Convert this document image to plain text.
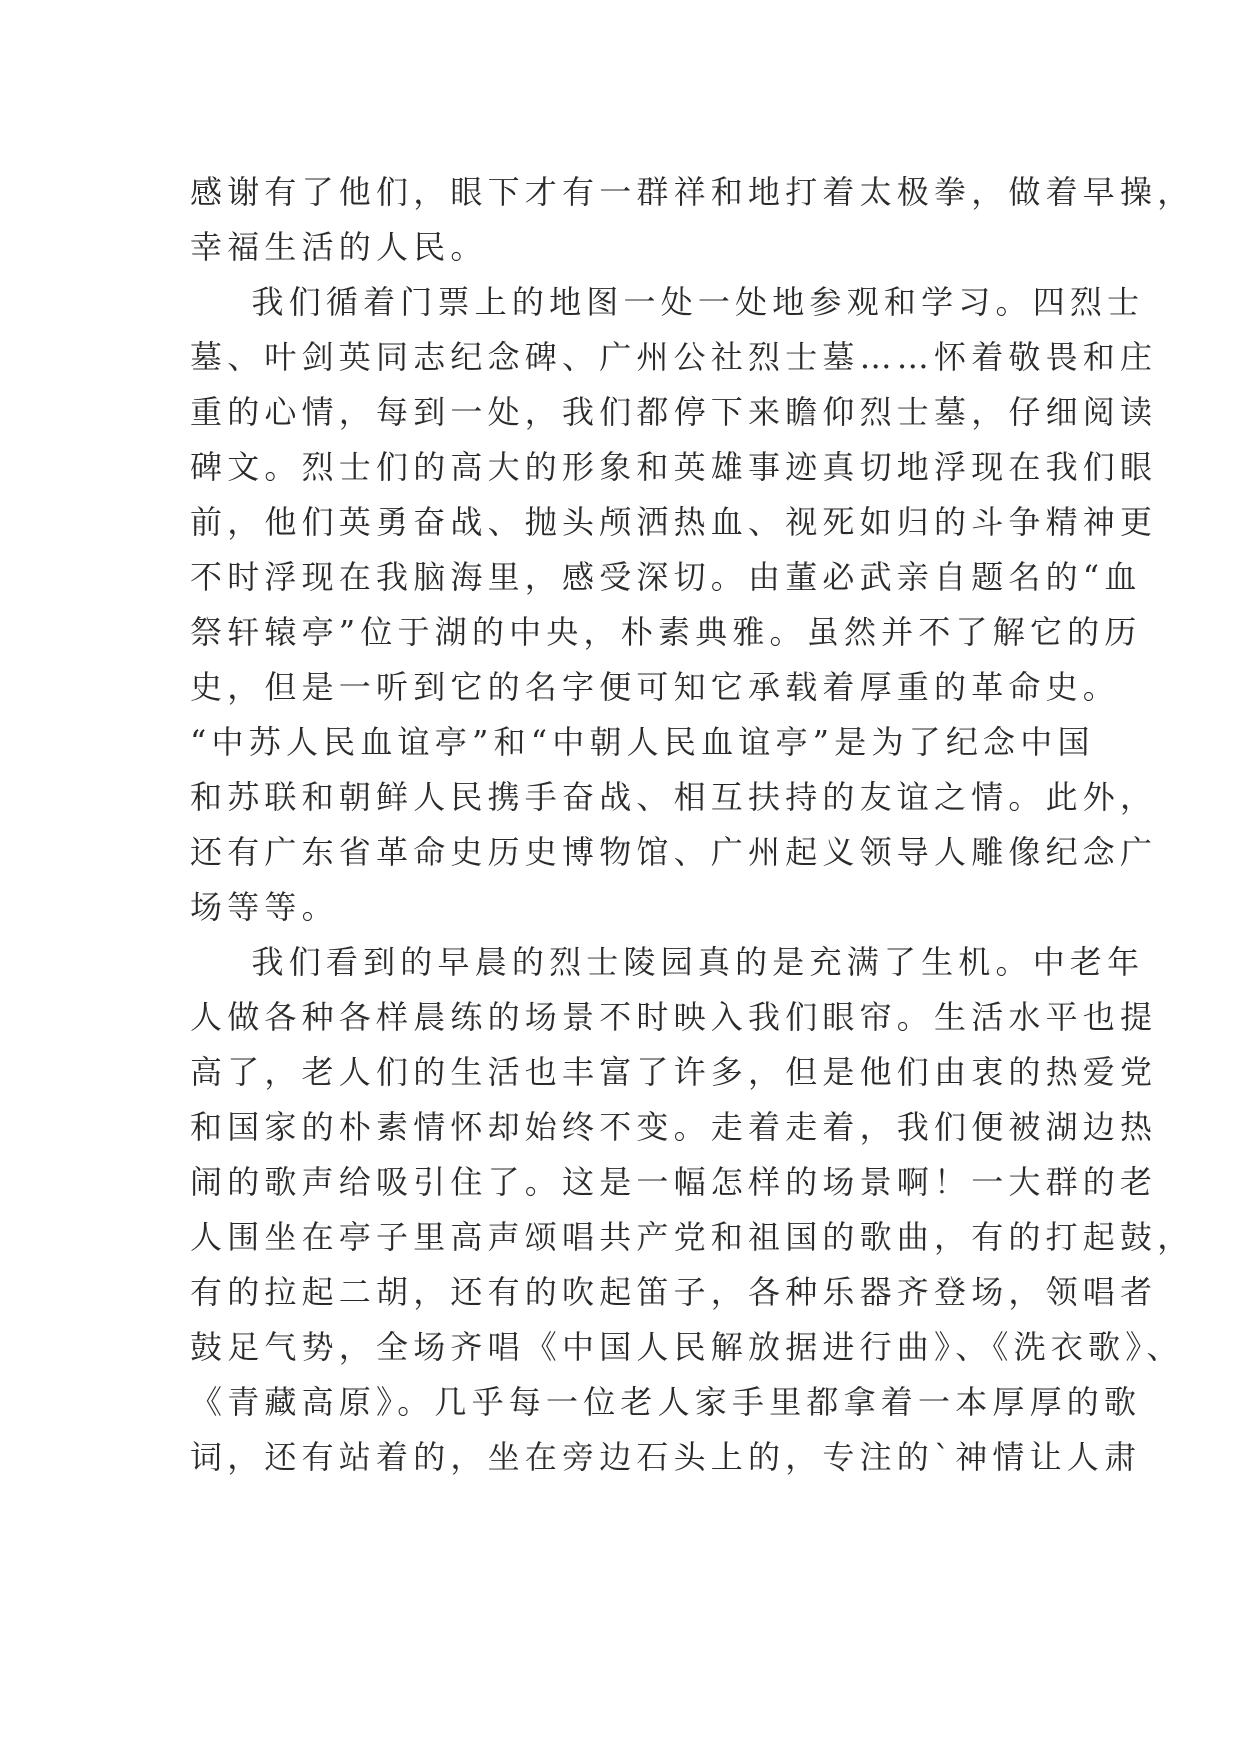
感谢有了他们，眼下才有一群祥和地打着太极拳，做着早操，
幸福生活的人民。
我们循着门票上的地图一处一处地参观和学习。四烈士
墓、叶剑英同志纪念碑、广州公社烈士墓……怀着敬畏和庄
重的心情，每到一处，我们都停下来瞻仰烈士墓，仔细阅读
碑文。烈士们的高大的形象和英雄事迹真切地浮现在我们眼
前，他们英勇奋战、抛头颅洒热血、视死如归的斗争精神更
不时浮现在我脑海里，感受深切。由董必武亲自题名的“血
祭轩辕亭”位于湖的中央，朴素典雅。虽然并不了解它的历
史，但是一听到它的名字便可知它承载着厚重的革命史。
“中苏人民血谊亭”和“中朝人民血谊亭”是为了纪念中国
和苏联和朝鲜人民携手奋战、相互扶持的友谊之情。此外，
还有广东省革命史历史博物馆、广州起义领导人雕像纪念广
场等等。
我们看到的早晨的烈士陵园真的是充满了生机。中老年
人做各种各样晨练的场景不时映入我们眼帘。生活水平也提
高了，老人们的生活也丰富了许多，但是他们由衷的热爱党
和国家的朴素情怀却始终不变。走着走着，我们便被湖边热
闹的歌声给吸引住了。这是一幅怎样的场景啊！一大群的老
人围坐在亭子里高声颂唱共产党和祖国的歌曲，有的打起鼓，
有的拉起二胡，还有的吹起笛子，各种乐器齐登场，领唱者
鼓足气势，全场齐唱《中国人民解放据进行曲》、《洗衣歌》、
《青藏高原》。几乎每一位老人家手里都拿着一本厚厚的歌
词，还有站着的，坐在旁边石头上的，专注的`神情让人肃
